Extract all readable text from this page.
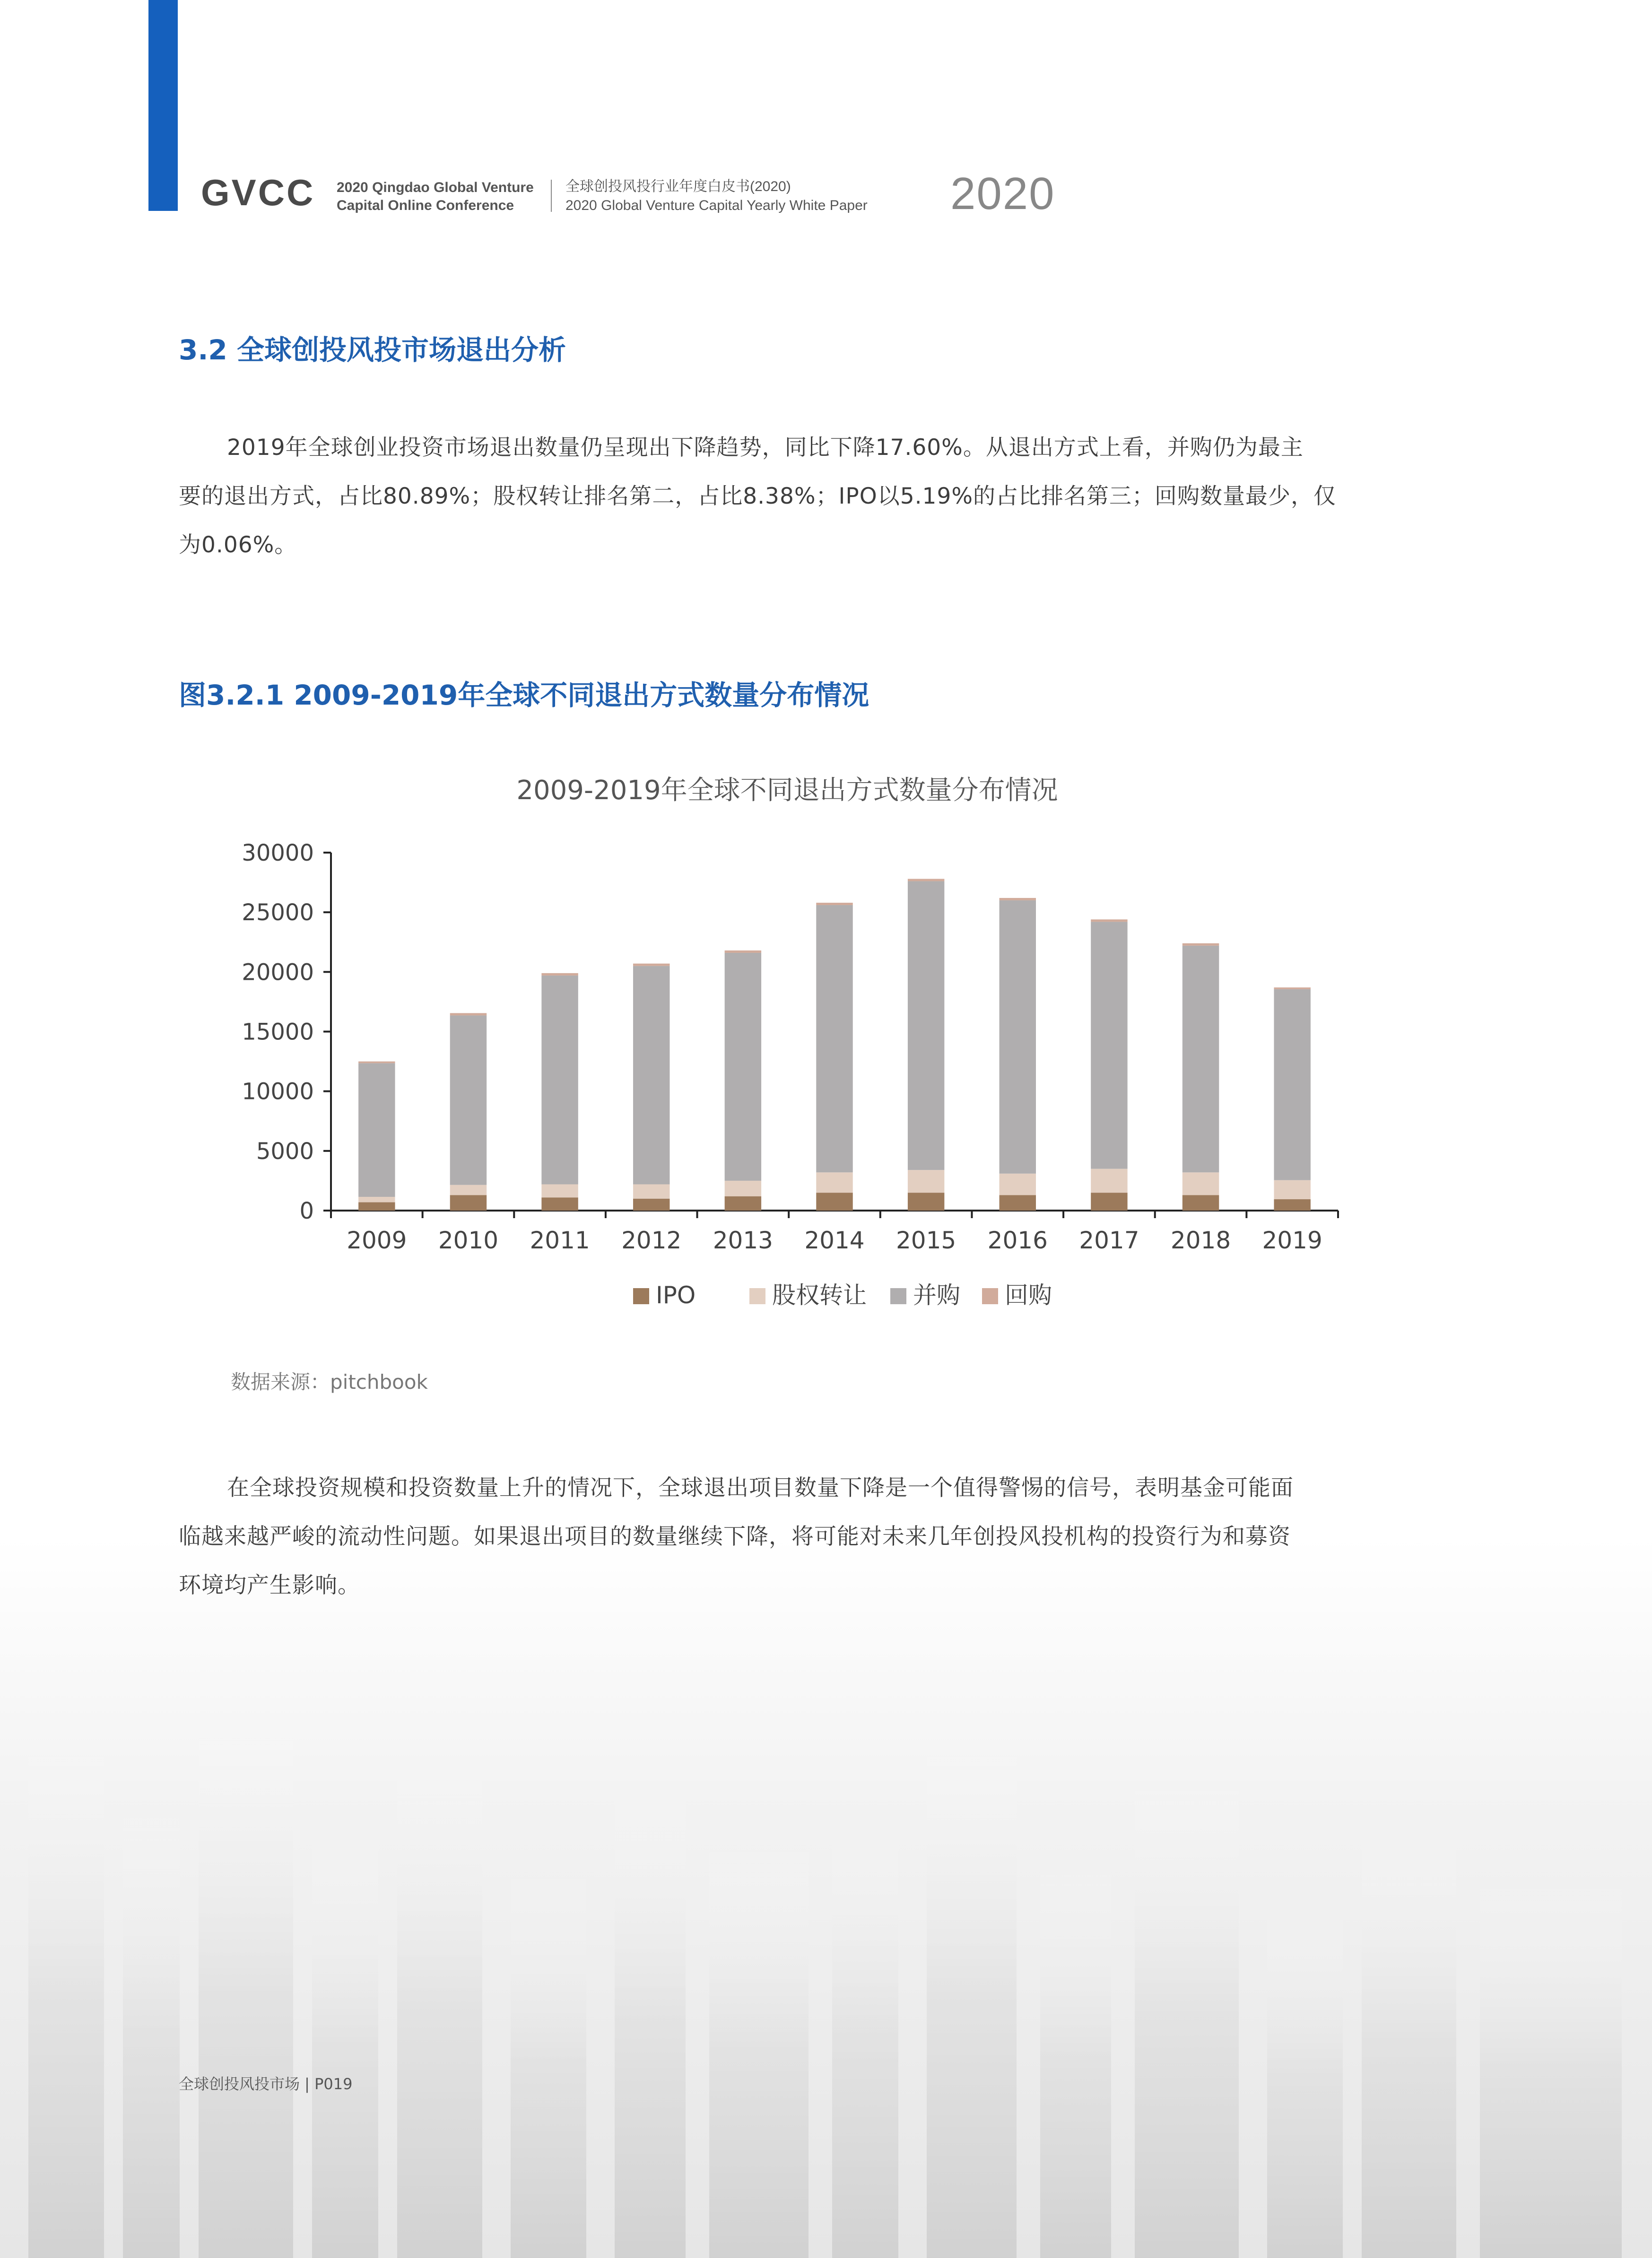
GVCC 2020 Qingdao Global Venture
Capital Online Conference
全球创投风投行业年度白皮书(2020)
2020 Global Venture Capital Yearly White Paper 2020
3.2 全球创投风投市场退出分析
2019年全球创业投资市场退出数量仍呈现出下降趋势，同比下降17.60%。从退出方式上看，并购仍为最主
要的退出方式，占比80.89%；股权转让排名第二，占比8.38%；IPO以5.19%的占比排名第三；回购数量最少，仅
为0.06%。
图3.2.1 2009-2019年全球不同退出方式数量分布情况
2009-2019年全球不同退出方式数量分布情况
0
5000
10000
15000
20000
25000
30000
2009 2010 2011 2012 2013 2014 2015 2016 2017 2018 2019
IPO	股权转让 并购 回购
数据来源：pitchbook
在全球投资规模和投资数量上升的情况下，全球退出项目数量下降是一个值得警惕的信号，表明基金可能面
临越来越严峻的流动性问题。如果退出项目的数量继续下降，将可能对未来几年创投风投机构的投资行为和募资
环境均产生影响。
全球创投风投市场 | P019
